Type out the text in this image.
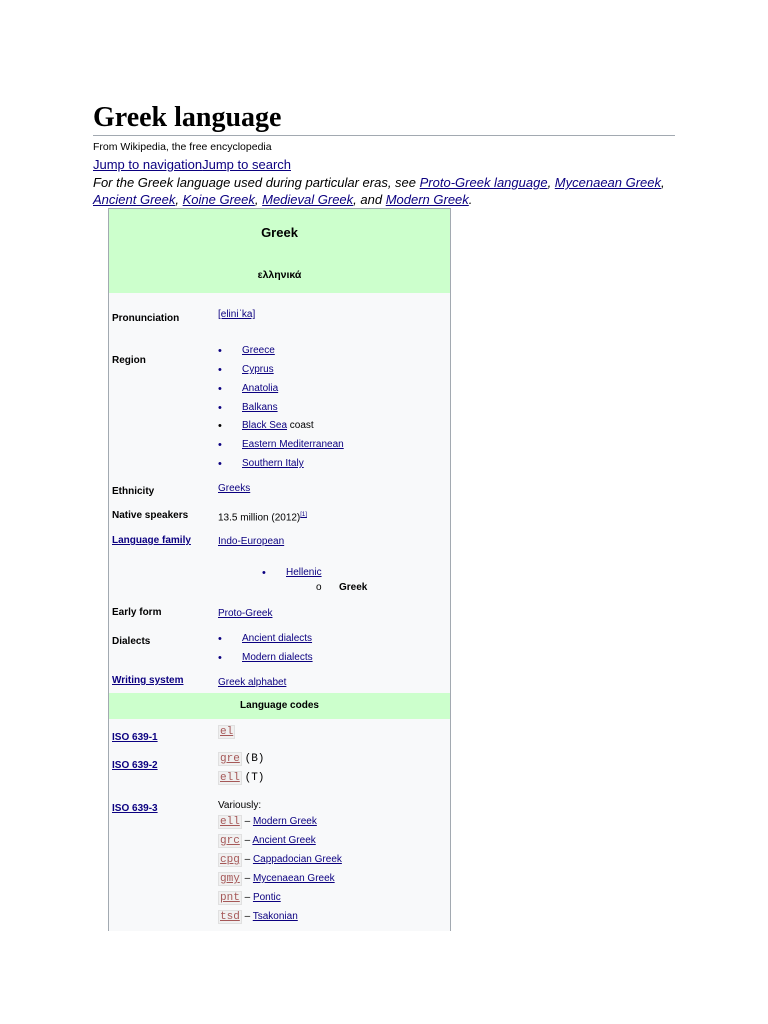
Greek language
From Wikipedia, the free encyclopedia
Jump to navigationJump to search
For the Greek language used during particular eras, see Proto-Greek language, Mycenaean Greek, Ancient Greek, Koine Greek, Medieval Greek, and Modern Greek.
Greek
ελληνικά
Pronunciation	[eliniˈka]
Region
• Greece
• Cyprus
• Anatolia
• Balkans
• Black Sea coast
• Eastern Mediterranean
• Southern Italy
Ethnicity	Greeks
Native speakers	13.5 million (2012)[1]
Language family	Indo-European
• Hellenic
o Greek
Early form	Proto-Greek
Dialects
•	Ancient dialects
• Modern dialects
Writing system	Greek alphabet
Language codes
ISO 639-1	el
ISO 639-2
gre (B)
ell (T)
ISO 639-3	Variously:
ell – Modern Greek
grc – Ancient Greek
cpg – Cappadocian Greek
gmy – Mycenaean Greek
pnt – Pontic
tsd – Tsakonian
